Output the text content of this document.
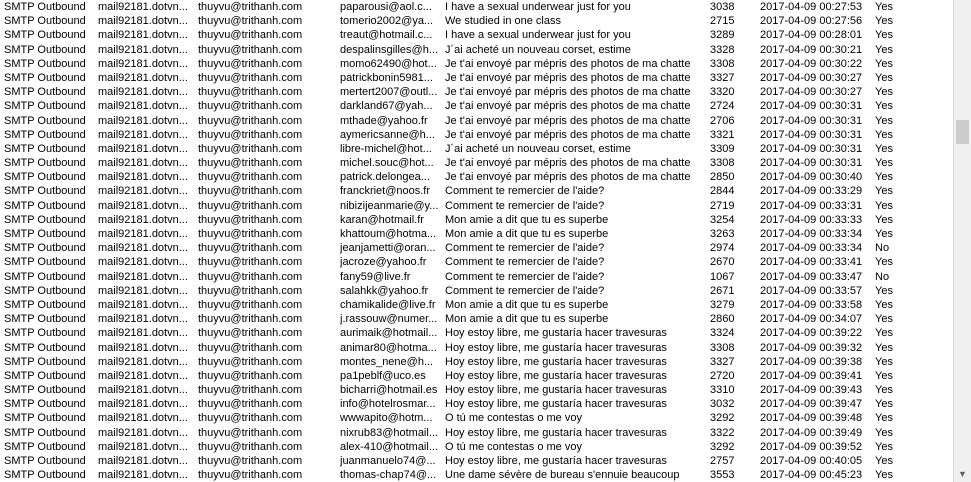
SMTP Outbound	mail92181.dotvn... thuyvu@trithanh.com	paparousi@aol.c...	I have a sexual underwear just for you	3038	2017-04-09 00:27:53	Yes
SMTP Outbound	mail92181.dotvn... thuyvu@trithanh.com	tomerio2002@ya...	We studied in one class	2715	2017-04-09 00:27:56	Yes
SMTP Outbound	mail92181.dotvn... thuyvu@trithanh.com	treaut@hotmail.c...	I have a sexual underwear just for you	3289	2017-04-09 00:28:01	Yes
SMTP Outbound	mail92181.dotvn... thuyvu@trithanh.com	despalinsgilles@h... J´ai acheté un nouveau corset, estime	3328	2017-04-09 00:30:21	Yes
SMTP Outbound	mail92181.dotvn... thuyvu@trithanh.com	momo62490@hot... Je t'ai envoyé par mépris des photos de ma chatte	3308	2017-04-09 00:30:22	Yes
SMTP Outbound	mail92181.dotvn... thuyvu@trithanh.com	patrickbonin5981...	Je t'ai envoyé par mépris des photos de ma chatte	3327	2017-04-09 00:30:27	Yes
SMTP Outbound	mail92181.dotvn... thuyvu@trithanh.com	mertert2007@outl... Je t'ai envoyé par mépris des photos de ma chatte	3320	2017-04-09 00:30:27	Yes
SMTP Outbound	mail92181.dotvn... thuyvu@trithanh.com	darkland67@yah...	Je t'ai envoyé par mépris des photos de ma chatte	2724	2017-04-09 00:30:31	Yes
SMTP Outbound	mail92181.dotvn... thuyvu@trithanh.com	mthade@yahoo.fr	Je t'ai envoyé par mépris des photos de ma chatte	2706	2017-04-09 00:30:31	Yes
SMTP Outbound	mail92181.dotvn... thuyvu@trithanh.com	aymericsanne@h... Je t'ai envoyé par mépris des photos de ma chatte	3321	2017-04-09 00:30:31	Yes
SMTP Outbound	mail92181.dotvn... thuyvu@trithanh.com	libre-michel@hot...	J´ai acheté un nouveau corset, estime	3309	2017-04-09 00:30:31	Yes
SMTP Outbound	mail92181.dotvn... thuyvu@trithanh.com	michel.souc@hot...	Je t'ai envoyé par mépris des photos de ma chatte	3308	2017-04-09 00:30:31	Yes
SMTP Outbound	mail92181.dotvn... thuyvu@trithanh.com	patrick.delongea...	Je t'ai envoyé par mépris des photos de ma chatte	2850	2017-04-09 00:30:40	Yes
SMTP Outbound	mail92181.dotvn... thuyvu@trithanh.com	franckriet@noos.fr	Comment te remercier de l'aide?	2844	2017-04-09 00:33:29	Yes
SMTP Outbound	mail92181.dotvn... thuyvu@trithanh.com	nibizijeanmarie@y... Comment te remercier de l'aide?	2719	2017-04-09 00:33:31	Yes
SMTP Outbound	mail92181.dotvn... thuyvu@trithanh.com	karan@hotmail.fr	Mon amie a dit que tu es superbe	3254	2017-04-09 00:33:33	Yes
SMTP Outbound	mail92181.dotvn... thuyvu@trithanh.com	khattoum@hotma... Mon amie a dit que tu es superbe	3263	2017-04-09 00:33:34	Yes
SMTP Outbound	mail92181.dotvn... thuyvu@trithanh.com	jeanjametti@oran... Comment te remercier de l'aide?	2974	2017-04-09 00:33:34	No
SMTP Outbound	mail92181.dotvn... thuyvu@trithanh.com	jacroze@yahoo.fr	Comment te remercier de l'aide?	2670	2017-04-09 00:33:41	Yes
SMTP Outbound	mail92181.dotvn... thuyvu@trithanh.com	fany59@live.fr	Comment te remercier de l'aide?	1067	2017-04-09 00:33:47	No
SMTP Outbound	mail92181.dotvn... thuyvu@trithanh.com	salahkk@yahoo.fr	Comment te remercier de l'aide?	2671	2017-04-09 00:33:57	Yes
SMTP Outbound	mail92181.dotvn... thuyvu@trithanh.com	chamikalide@live.fr Mon amie a dit que tu es superbe	3279	2017-04-09 00:33:58	Yes
SMTP Outbound	mail92181.dotvn... thuyvu@trithanh.com	j.rassouw@numer... Mon amie a dit que tu es superbe	2860	2017-04-09 00:34:07	Yes
SMTP Outbound	mail92181.dotvn... thuyvu@trithanh.com	aurimaik@hotmail... Hoy estoy libre, me gustaría hacer travesuras	3324	2017-04-09 00:39:22	Yes
SMTP Outbound	mail92181.dotvn... thuyvu@trithanh.com	animar80@hotma... Hoy estoy libre, me gustaría hacer travesuras	3308	2017-04-09 00:39:32	Yes
SMTP Outbound	mail92181.dotvn... thuyvu@trithanh.com	montes_nene@h...	Hoy estoy libre, me gustaría hacer travesuras	3327	2017-04-09 00:39:38	Yes
SMTP Outbound	mail92181.dotvn... thuyvu@trithanh.com	pa1peblf@uco.es	Hoy estoy libre, me gustaría hacer travesuras	2720	2017-04-09 00:39:41	Yes
SMTP Outbound	mail92181.dotvn... thuyvu@trithanh.com	bicharri@hotmail.es Hoy estoy libre, me gustaría hacer travesuras	3310	2017-04-09 00:39:43	Yes
SMTP Outbound	mail92181.dotvn... thuyvu@trithanh.com	info@hotelrosmar... Hoy estoy libre, me gustaría hacer travesuras	3032	2017-04-09 00:39:47	Yes
SMTP Outbound	mail92181.dotvn... thuyvu@trithanh.com	wwwapito@hotm...	O tú me contestas o me voy	3292	2017-04-09 00:39:48	Yes
SMTP Outbound	mail92181.dotvn... thuyvu@trithanh.com	nixrub83@hotmail... Hoy estoy libre, me gustaría hacer travesuras	3322	2017-04-09 00:39:49	Yes
SMTP Outbound	mail92181.dotvn... thuyvu@trithanh.com	alex-410@hotmail... O tú me contestas o me voy	3292	2017-04-09 00:39:52	Yes
SMTP Outbound	mail92181.dotvn... thuyvu@trithanh.com	juanmanuelo74@... Hoy estoy libre, me gustaría hacer travesuras	2757	2017-04-09 00:40:05	Yes
SMTP Outbound	mail92181.dotvn... thuyvu@trithanh.com	thomas-chap74@... Une dame sévère de bureau s'ennuie beaucoup	3553	2017-04-09 00:45:23	Yes	▼
